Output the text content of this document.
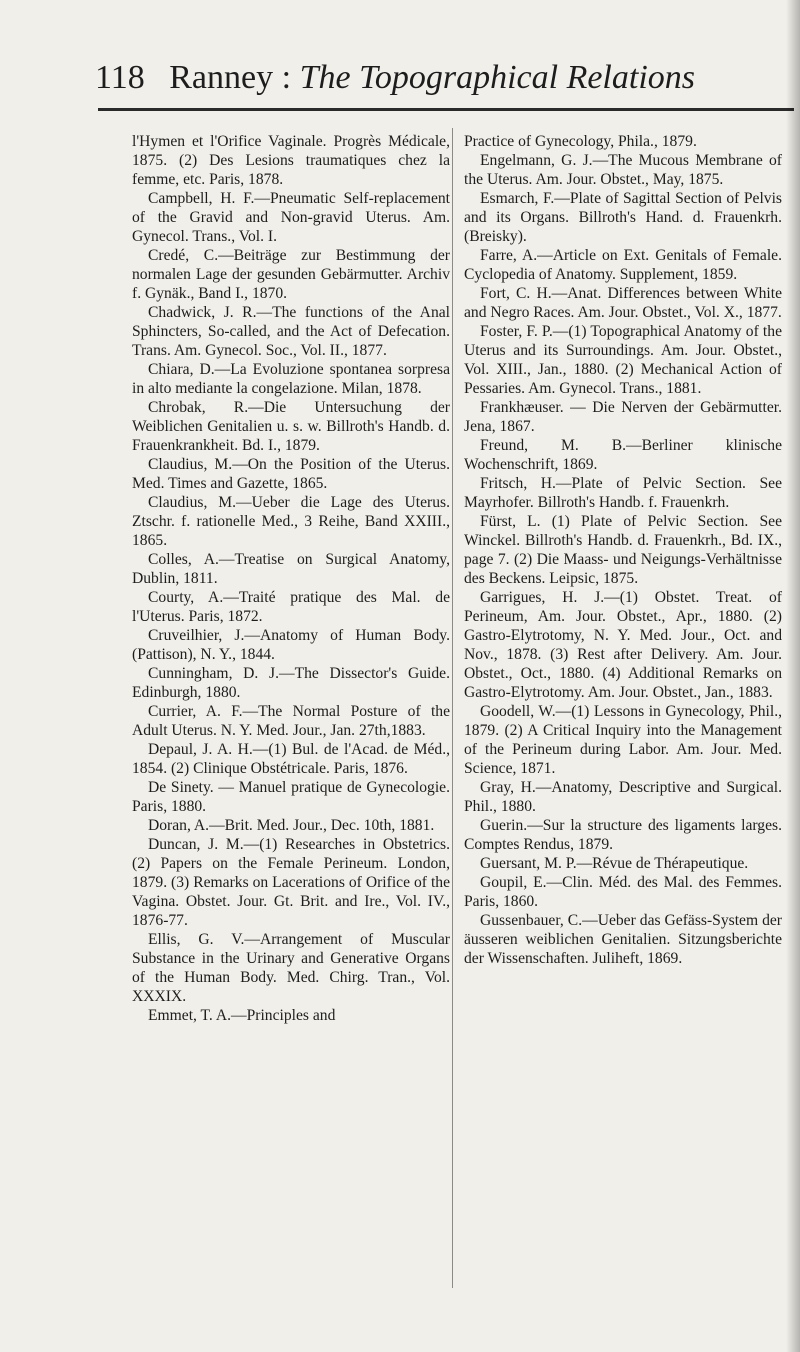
118 Ranney : The Topographical Relations

l'Hymen et l'Orifice Vaginale. Progrès Médicale, 1875. (2) Des Lesions traumatiques chez la femme, etc. Paris, 1878.

Campbell, H. F.—Pneumatic Self-replacement of the Gravid and Non-gravid Uterus. Am. Gynecol. Trans., Vol. I.

Credé, C.—Beiträge zur Bestimmung der normalen Lage der gesunden Gebärmutter. Archiv f. Gynäk., Band I., 1870.

Chadwick, J. R.—The functions of the Anal Sphincters, So-called, and the Act of Defecation. Trans. Am. Gynecol. Soc., Vol. II., 1877.

Chiara, D.—La Evoluzione spontanea sorpresa in alto mediante la congelazione. Milan, 1878.

Chrobak, R.—Die Untersuchung der Weiblichen Genitalien u. s. w. Billroth's Handb. d. Frauenkrankheit. Bd. I., 1879.

Claudius, M.—On the Position of the Uterus. Med. Times and Gazette, 1865.

Claudius, M.—Ueber die Lage des Uterus. Ztschr. f. rationelle Med., 3 Reihe, Band XXIII., 1865.

Colles, A.—Treatise on Surgical Anatomy, Dublin, 1811.

Courty, A.—Traité pratique des Mal. de l'Uterus. Paris, 1872.

Cruveilhier, J.—Anatomy of Human Body. (Pattison), N. Y., 1844.

Cunningham, D. J.—The Dissector's Guide. Edinburgh, 1880.

Currier, A. F.—The Normal Posture of the Adult Uterus. N. Y. Med. Jour., Jan. 27th,1883.

Depaul, J. A. H.—(1) Bul. de l'Acad. de Méd., 1854. (2) Clinique Obstétricale. Paris, 1876.

De Sinety. — Manuel pratique de Gynecologie. Paris, 1880.

Doran, A.—Brit. Med. Jour., Dec. 10th, 1881.

Duncan, J. M.—(1) Researches in Obstetrics. (2) Papers on the Female Perineum. London, 1879. (3) Remarks on Lacerations of Orifice of the Vagina. Obstet. Jour. Gt. Brit. and Ire., Vol. IV., 1876-77.

Ellis, G. V.—Arrangement of Muscular Substance in the Urinary and Generative Organs of the Human Body. Med. Chirg. Tran., Vol. XXXIX.

Emmet, T. A.—Principles and

Practice of Gynecology, Phila., 1879.

Engelmann, G. J.—The Mucous Membrane of the Uterus. Am. Jour. Obstet., May, 1875.

Esmarch, F.—Plate of Sagittal Section of Pelvis and its Organs. Billroth's Hand. d. Frauenkrh. (Breisky).

Farre, A.—Article on Ext. Genitals of Female. Cyclopedia of Anatomy. Supplement, 1859.

Fort, C. H.—Anat. Differences between White and Negro Races. Am. Jour. Obstet., Vol. X., 1877.

Foster, F. P.—(1) Topographical Anatomy of the Uterus and its Surroundings. Am. Jour. Obstet., Vol. XIII., Jan., 1880. (2) Mechanical Action of Pessaries. Am. Gynecol. Trans., 1881.

Frankhæuser. — Die Nerven der Gebärmutter. Jena, 1867.

Freund, M. B.—Berliner klinische Wochenschrift, 1869.

Fritsch, H.—Plate of Pelvic Section. See Mayrhofer. Billroth's Handb. f. Frauenkrh.

Fürst, L. (1) Plate of Pelvic Section. See Winckel. Billroth's Handb. d. Frauenkrh., Bd. IX., page 7. (2) Die Maass- und Neigungs-Verhältnisse des Beckens. Leipsic, 1875.

Garrigues, H. J.—(1) Obstet. Treat. of Perineum, Am. Jour. Obstet., Apr., 1880. (2) Gastro-Elytrotomy, N. Y. Med. Jour., Oct. and Nov., 1878. (3) Rest after Delivery. Am. Jour. Obstet., Oct., 1880. (4) Additional Remarks on Gastro-Elytrotomy. Am. Jour. Obstet., Jan., 1883.

Goodell, W.—(1) Lessons in Gynecology, Phil., 1879. (2) A Critical Inquiry into the Management of the Perineum during Labor. Am. Jour. Med. Science, 1871.

Gray, H.—Anatomy, Descriptive and Surgical. Phil., 1880.

Guerin.—Sur la structure des ligaments larges. Comptes Rendus, 1879.

Guersant, M. P.—Révue de Thérapeutique.

Goupil, E.—Clin. Méd. des Mal. des Femmes. Paris, 1860.

Gussenbauer, C.—Ueber das Gefäss-System der äusseren weiblichen Genitalien. Sitzungsberichte der Wissenschaften. Juliheft, 1869.
